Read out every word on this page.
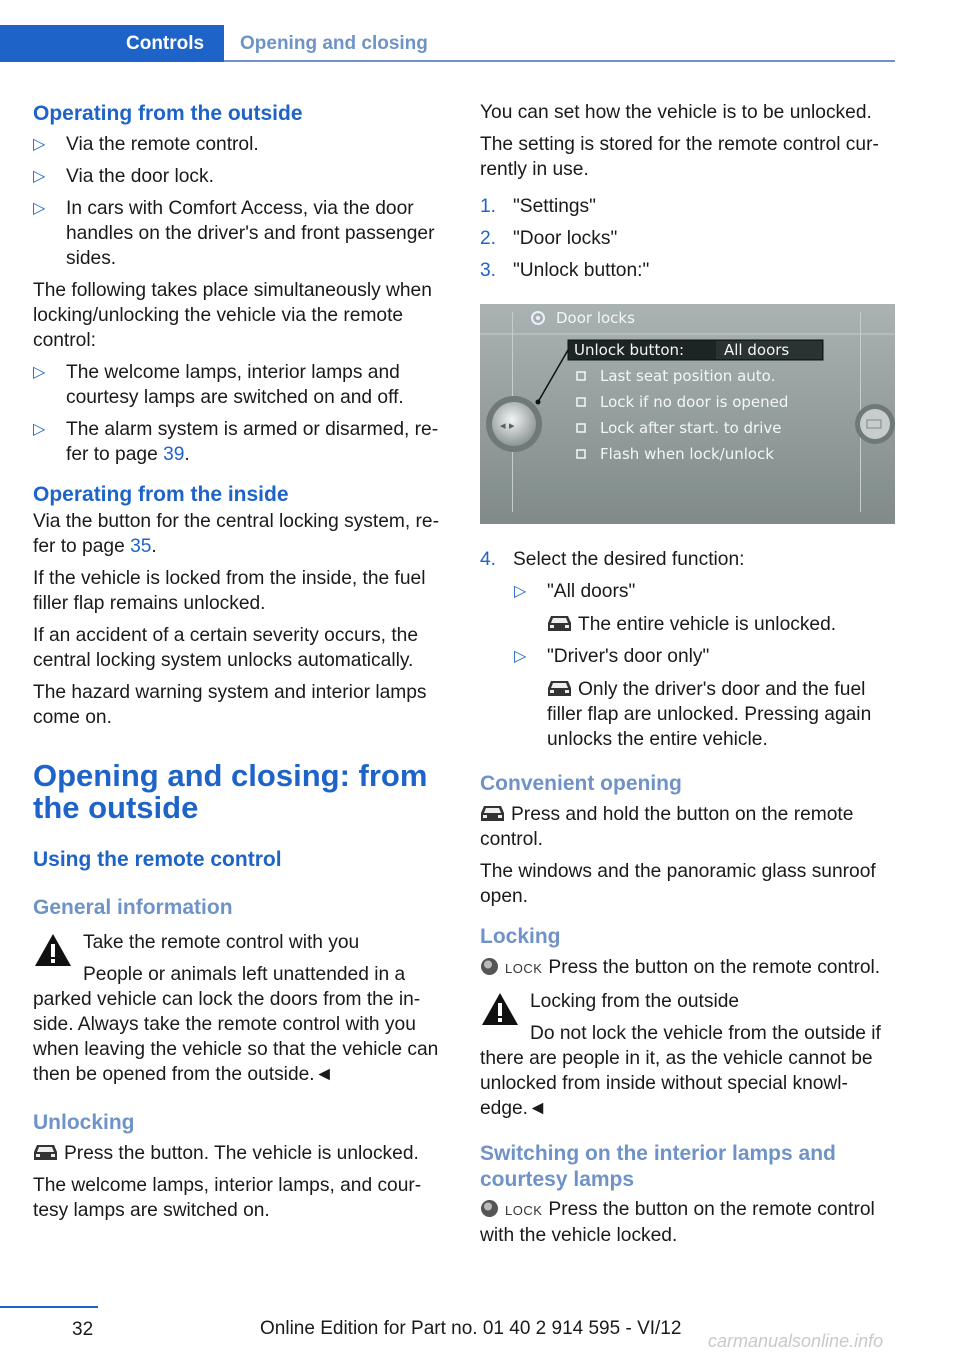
Controls	Opening and closing
Operating from the outside
▷ Via the remote control.
▷ Via the door lock.
▷ In cars with Comfort Access, via the door handles on the driver's and front passenger sides.

The following takes place simultaneously when locking/unlocking the vehicle via the remote control:

▷ The welcome lamps, interior lamps and courtesy lamps are switched on and off.
▷ The alarm system is armed or disarmed, refer to page 39.
Operating from the inside

Via the button for the central locking system, refer to page 35.

If the vehicle is locked from the inside, the fuel filler flap remains unlocked.

If an accident of a certain severity occurs, the central locking system unlocks automatically.

The hazard warning system and interior lamps come on.

Opening and closing: from the outside
Using the remote control
General information
Take the remote control with you
People or animals left unattended in a parked vehicle can lock the doors from the inside. Always take the remote control with you when leaving the vehicle so that the vehicle can then be opened from the outside.◄
Unlocking

Press the button. The vehicle is unlocked.

The welcome lamps, interior lamps, and courtesy lamps are switched on.

You can set how the vehicle is to be unlocked.

The setting is stored for the remote control currently in use.

1. "Settings"
2. "Door locks"
3. "Unlock button:"
Door locks
Unlock button:	All doors
Last seat position auto.
Lock if no door is opened
Lock after start. to drive
Flash when lock/unlock
◂ ▸
4. Select the desired function:
▷ "All doors"
The entire vehicle is unlocked.
▷ "Driver's door only"
Only the driver's door and the fuel filler flap are unlocked. Pressing again unlocks the entire vehicle.
Convenient opening

Press and hold the button on the remote control.

The windows and the panoramic glass sunroof open.

Locking

LOCK Press the button on the remote control.

Locking from the outside
Do not lock the vehicle from the outside if there are people in it, as the vehicle cannot be unlocked from inside without special knowledge.◄
Switching on the interior lamps and courtesy lamps

LOCK Press the button on the remote control with the vehicle locked.

32	Online Edition for Part no. 01 40 2 914 595 - VI/12
carmanualsonline.info
